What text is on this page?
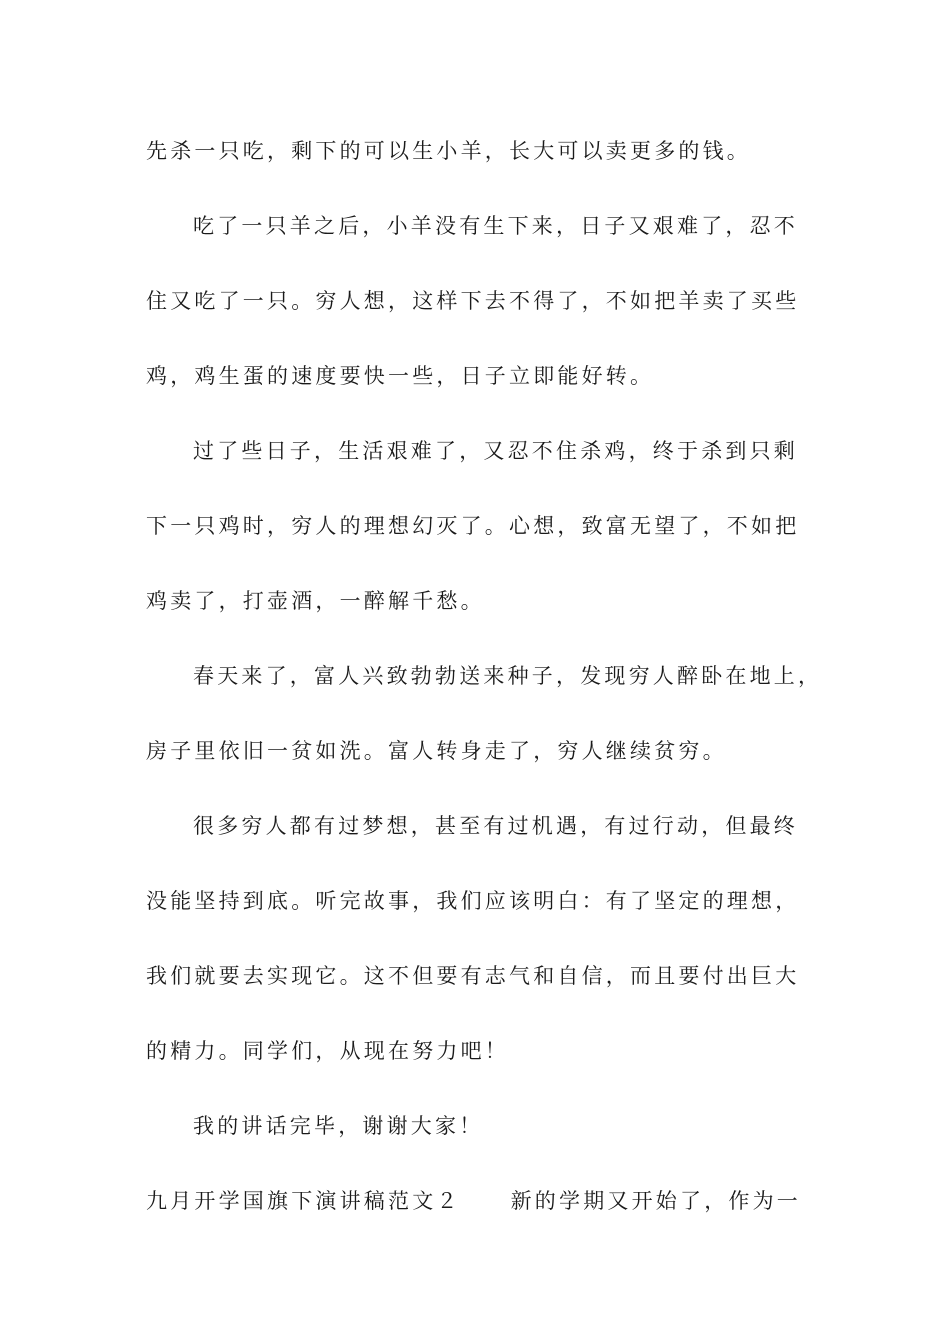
先杀一只吃，剩下的可以生小羊，长大可以卖更多的钱。
吃了一只羊之后，小羊没有生下来，日子又艰难了，忍不
住又吃了一只。穷人想，这样下去不得了，不如把羊卖了买些
鸡，鸡生蛋的速度要快一些，日子立即能好转。
过了些日子，生活艰难了，又忍不住杀鸡，终于杀到只剩
下一只鸡时，穷人的理想幻灭了。心想，致富无望了，不如把
鸡卖了，打壶酒，一醉解千愁。
春天来了，富人兴致勃勃送来种子，发现穷人醉卧在地上，
房子里依旧一贫如洗。富人转身走了，穷人继续贫穷。
很多穷人都有过梦想，甚至有过机遇，有过行动，但最终
没能坚持到底。听完故事，我们应该明白：有了坚定的理想，
我们就要去实现它。这不但要有志气和自信，而且要付出巨大
的精力。同学们，从现在努力吧！
我的讲话完毕，谢谢大家！
九月开学国旗下演讲稿范文２ 新的学期又开始了，作为一
